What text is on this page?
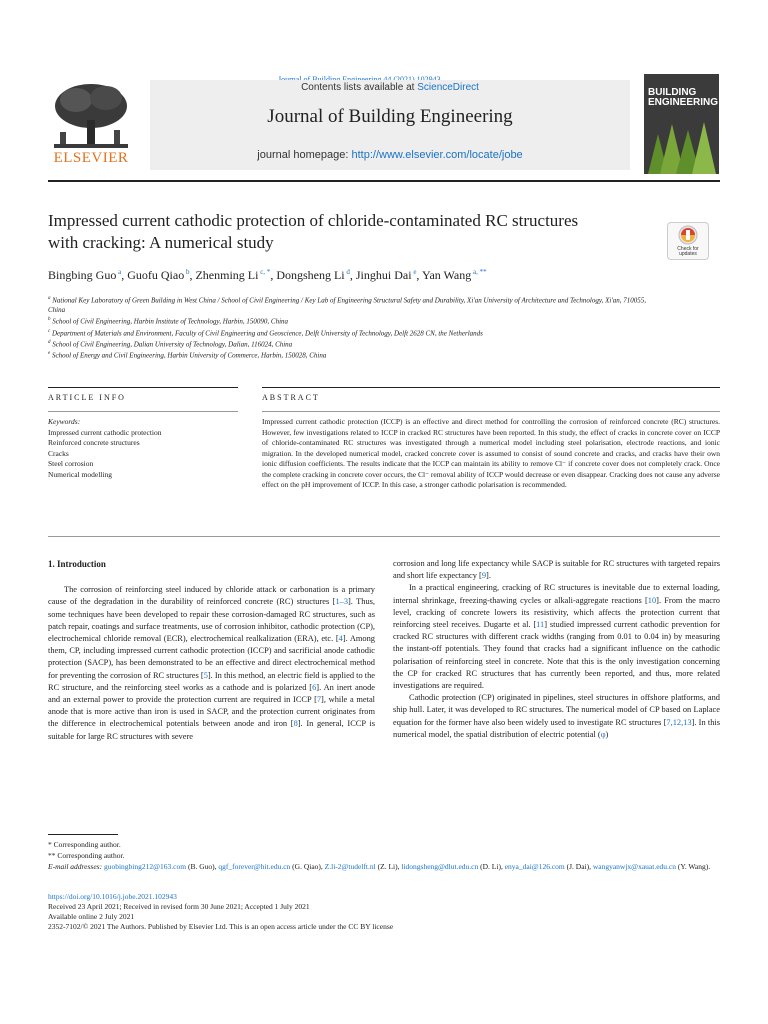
ELSEVIER
Contents lists available at ScienceDirect
Journal of Building Engineering
journal homepage: http://www.elsevier.com/locate/jobe
BUILDING
ENGINEERING
Impressed current cathodic protection of chloride-contaminated RC structures with cracking: A numerical study	Check for updates
Bingbing Guo $^a$, Guofu Qiao $^b$, Zhenming Li $^{c, *}$, Dongsheng Li $^d$, Jinghui Dai $^e$, Yan Wang $^{a, **}$
$^a$ National Key Laboratory of Green Building in West China / School of Civil Engineering / Key Lab of Engineering Structural Safety and Durability, Xi'an University of Architecture and Technology, Xi'an, 710055, China
$^b$ School of Civil Engineering, Harbin Institute of Technology, Harbin, 150090, China
$^c$ Department of Materials and Environment, Faculty of Civil Engineering and Geoscience, Delft University of Technology, Delft 2628 CN, the Netherlands
$^d$ School of Civil Engineering, Dalian University of Technology, Dalian, 116024, China
$^e$ School of Energy and Civil Engineering, Harbin University of Commerce, Harbin, 150028, China
ARTICLE INFO	ABSTRACT
Keywords:
Impressed current cathodic protection
Reinforced concrete structures
Cracks
Steel corrosion
Numerical modelling
Impressed current cathodic protection (ICCP) is an effective and direct method for controlling the corrosion of reinforced concrete (RC) structures. However, few investigations related to ICCP in cracked RC structures have been reported. In this study, the effect of cracks in concrete cover on ICCP of chloride-contaminated RC structures was investigated through a numerical model including steel polarisation, electrode reactions, and ionic migration. In the developed numerical model, cracked concrete cover is assumed to consist of sound concrete and cracks, and cracks have their own ionic diffusion coefficients. The results indicate that the ICCP can maintain its ability to remove Cl⁻ if concrete cover does not completely crack. Once the complete cracking in concrete cover occurs, the Cl⁻ removal ability of ICCP would decrease or even disappear. Cracking does not cause any adverse effect on the pH improvement of ICCP. In this case, a stronger cathodic polarisation is recommended.
1. Introduction

The corrosion of reinforcing steel induced by chloride attack or carbonation is a primary cause of the degradation in the durability of reinforced concrete (RC) structures [1–3]. Thus, some techniques have been developed to repair these corrosion-damaged RC structures, such as patch repair, coatings and surface treatments, use of corrosion inhibitor, cathodic protection (CP), electrochemical chloride removal (ECR), electrochemical realkalization (ERA), etc. [4]. Among them, CP, including impressed current cathodic protection (ICCP) and sacrificial anode cathodic protection (SACP), has been demonstrated to be an effective and direct electrochemical method for preventing the corrosion of RC structures [5]. In this method, an electric field is applied to the RC structure, and the reinforcing steel works as a cathode and is polarized [6]. An inert anode and an external power to provide the protection current are required in ICCP [7], while a metal anode that is more active than iron is used in SACP, and the protection current originates from the difference in electrochemical potentials between anode and iron [8]. In general, ICCP is suitable for large RC structures with severe

corrosion and long life expectancy while SACP is suitable for RC structures with targeted repairs and short life expectancy [9].

In a practical engineering, cracking of RC structures is inevitable due to external loading, internal shrinkage, freezing-thawing cycles or alkali-aggregate reactions [10]. From the macro level, cracking of concrete lowers its resistivity, which affects the protection current that reinforcing steel receives. Dugarte et al. [11] studied impressed current cathodic prevention for cracked RC structures with different crack widths (ranging from 0.01 to 0.04 in) by measuring the instant-off potentials. They found that cracks had a significant influence on the cathodic polarisation of reinforcing steel in concrete. Note that this is the only investigation concerning the CP for cracked RC structures that has currently been reported, and thus, more related investigations are required.

Cathodic protection (CP) originated in pipelines, steel structures in offshore platforms, and ship hull. Later, it was developed to RC structures. The numerical model of CP based on Laplace equation for the former have also been widely used to investigate RC structures [7,12,13]. In this numerical model, the spatial distribution of electric potential (φ)

* Corresponding author.
** Corresponding author.
E-mail addresses: guobingbing212@163.com (B. Guo), qgf_forever@hit.edu.cn (G. Qiao), Z.li-2@tudelft.nl (Z. Li), lidongsheng@dlut.edu.cn (D. Li), enya_dai@126.com (J. Dai), wangyanwjx@xauat.edu.cn (Y. Wang).
https://doi.org/10.1016/j.jobe.2021.102943
Received 23 April 2021; Received in revised form 30 June 2021; Accepted 1 July 2021
Available online 2 July 2021
2352-7102/© 2021 The Authors. Published by Elsevier Ltd. This is an open access article under the CC BY license
